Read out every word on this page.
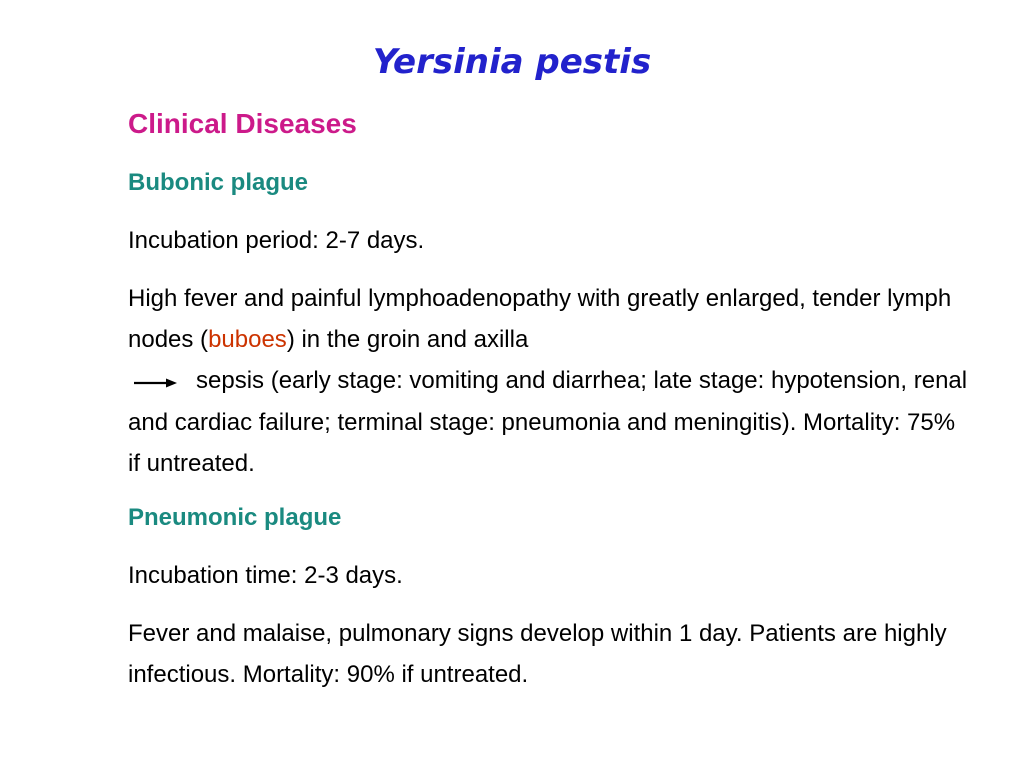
Yersinia pestis
Clinical Diseases
Bubonic plague
Incubation period: 2-7 days.
High fever and painful lymphoadenopathy with greatly enlarged, tender lymph nodes (buboes) in the groin and axilla
sepsis (early stage: vomiting and diarrhea; late stage: hypotension, renal and cardiac failure; terminal stage: pneumonia and meningitis). Mortality: 75% if untreated.
Pneumonic plague
Incubation time: 2-3 days.
Fever and malaise, pulmonary signs develop within 1 day. Patients are highly infectious. Mortality: 90% if untreated.
